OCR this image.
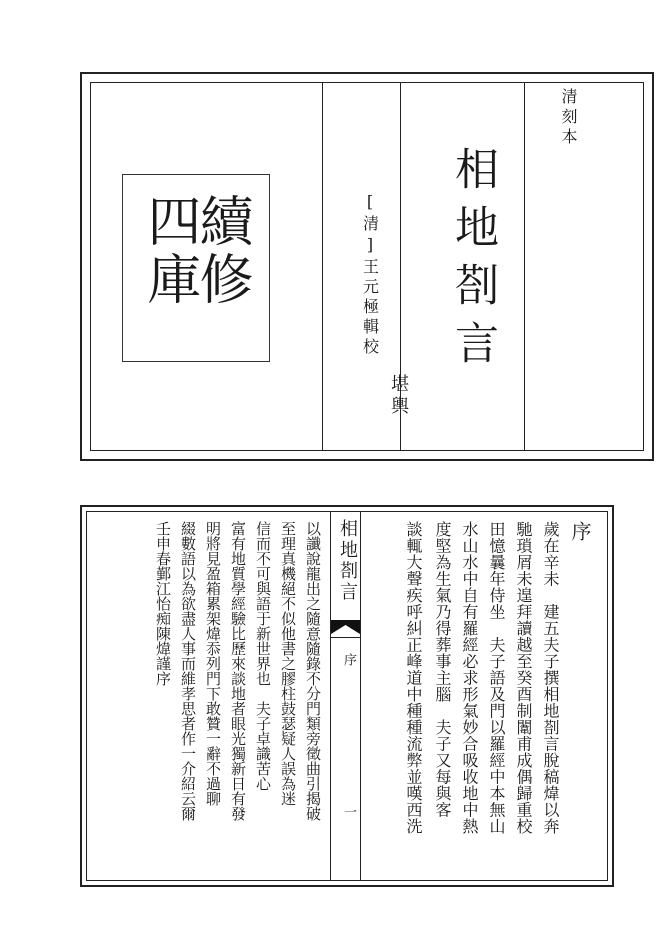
續修
四庫	[清]王元極輯校
堪輿
相地剳言
清刻本
相地剳言
序
一
序
歲在辛未　建五夫子撰相地剳言脫稿煒以奔
馳瑣屑未遑拜讀越至癸酉制闈甫成偶歸重校
田憶曩年侍坐　夫子語及門以羅經中本無山
水山水中自有羅經必求形氣妙合吸收地中熱
度堅為生氣乃得葬事主腦　夫子又每與客
談輒大聲疾呼糾正峰道中種種流弊並嘆西洗
以讖說龍出之隨意隨錄不分門類旁徵曲引揭破
至理真機絕不似他書之膠柱鼓瑟疑人誤為迷
信而不可與語于新世界也　夫子卓識苦心
富有地質學經驗比歷來談地者眼光獨新日有發
明將見盈箱累架煒忝列門下敢贊一辭不過聊
綴數語以為欲盡人事而維孝思者作一介紹云爾
壬申春鄞江怡痴陳煒謹序
